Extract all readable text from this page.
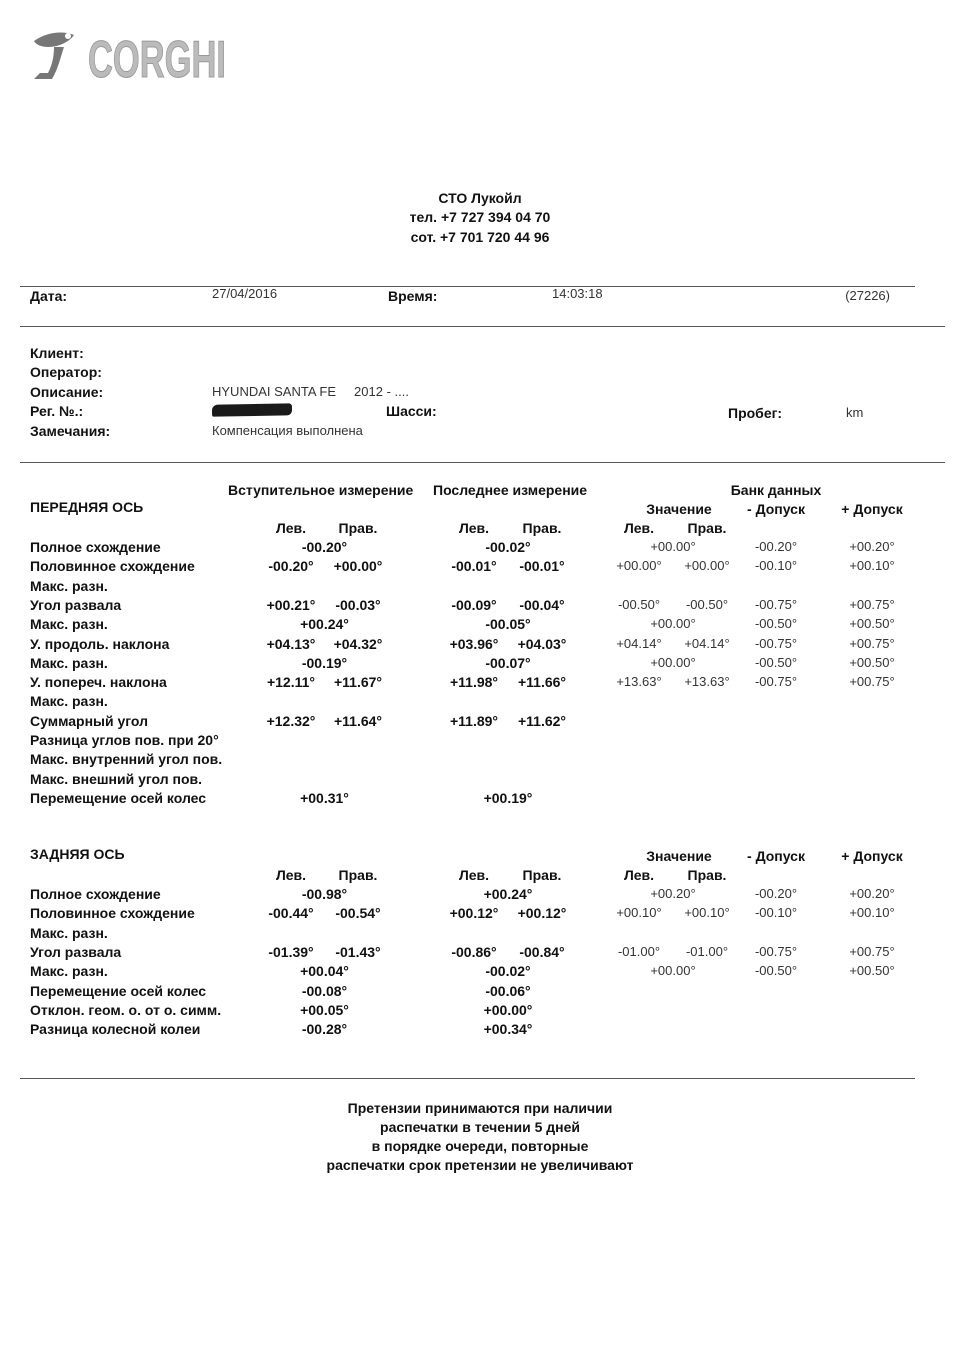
CORGHI
СТО Лукойл
тел. +7 727 394 04 70
сот. +7 701 720 44 96
Дата:	27/04/2016	Время:	14:03:18	(27226)
Клиент:
Оператор:
Описание:	HYUNDAI SANTA FE     2012 - ....
Рег. №.:	Шасси:	Пробег:	km
Замечания:	Компенсация выполнена
Вступительное измерение Последнее измерение	Банк данных
ПЕРЕДНЯЯ ОСЬ	Значение	- Допуск	+ Допуск
Лев.	Прав.	Лев.	Прав.	Лев.	Прав.
Полное схождение	-00.20°	-00.02°	+00.00°	-00.20°	+00.20°
Половинное схождение	-00.20°	+00.00°	-00.01°	-00.01°	+00.00°	+00.00°	-00.10°	+00.10°
Макс. разн.
Угол развала	+00.21°	-00.03°	-00.09°	-00.04°	-00.50°	-00.50°	-00.75°	+00.75°
Макс. разн.	+00.24°	-00.05°	+00.00°	-00.50°	+00.50°
У. продоль. наклона	+04.13°	+04.32°	+03.96°	+04.03°	+04.14°	+04.14°	-00.75°	+00.75°
Макс. разн.	-00.19°	-00.07°	+00.00°	-00.50°	+00.50°
У. попереч. наклона	+12.11°	+11.67°	+11.98°	+11.66°	+13.63°	+13.63°	-00.75°	+00.75°
Макс. разн.
Суммарный угол	+12.32°	+11.64°	+11.89°	+11.62°
Разница углов пов. при 20°
Макс. внутренний угол пов.
Макс. внешний угол пов.
Перемещение осей колес	+00.31°	+00.19°
ЗАДНЯЯ ОСЬ	Значение	- Допуск	+ Допуск
Лев.	Прав.	Лев.	Прав.	Лев.	Прав.
Полное схождение	-00.98°	+00.24°	+00.20°	-00.20°	+00.20°
Половинное схождение	-00.44°	-00.54°	+00.12°	+00.12°	+00.10°	+00.10°	-00.10°	+00.10°
Макс. разн.
Угол развала	-01.39°	-01.43°	-00.86°	-00.84°	-01.00°	-01.00°	-00.75°	+00.75°
Макс. разн.	+00.04°	-00.02°	+00.00°	-00.50°	+00.50°
Перемещение осей колес	-00.08°	-00.06°
Отклон. геом. о. от о. симм.	+00.05°	+00.00°
Разница колесной колеи	-00.28°	+00.34°
Претензии принимаются при наличии
распечатки в течении 5 дней
в порядке очереди, повторные
распечатки срок претензии не увеличивают
